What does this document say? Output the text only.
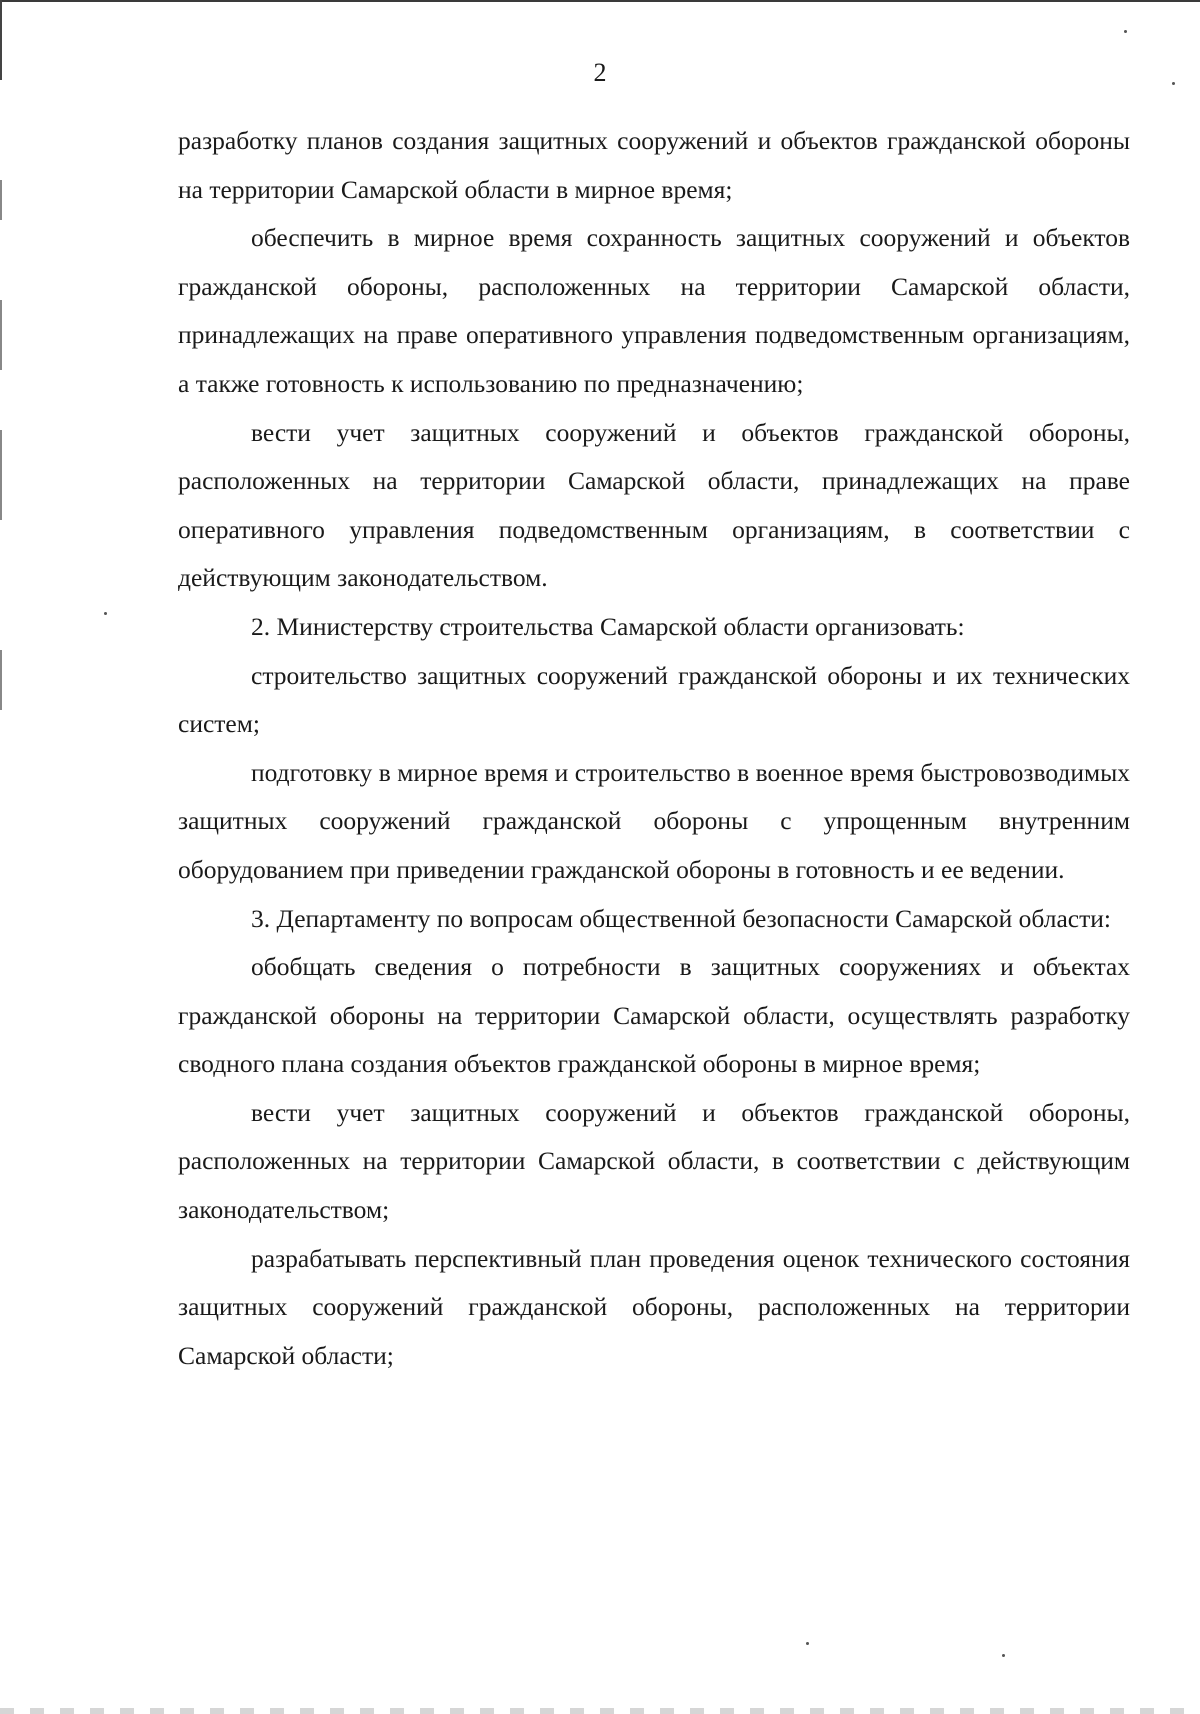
2

разработку планов создания защитных сооружений и объектов гражданской обороны на территории Самарской области в мирное время;

обеспечить в мирное время сохранность защитных сооружений и объектов гражданской обороны, расположенных на территории Самарской области, принадлежащих на праве оперативного управления подведомственным организациям, а также готовность к использованию по предназначению;

вести учет защитных сооружений и объектов гражданской обороны, расположенных на территории Самарской области, принадлежащих на праве оперативного управления подведомственным организациям, в соответствии с действующим законодательством.

2. Министерству строительства Самарской области организовать:

строительство защитных сооружений гражданской обороны и их технических систем;

подготовку в мирное время и строительство в военное время быстровозводимых защитных сооружений гражданской обороны с упрощенным внутренним оборудованием при приведении гражданской обороны в готовность и ее ведении.

3. Департаменту по вопросам общественной безопасности Самарской области:

обобщать сведения о потребности в защитных сооружениях и объектах гражданской обороны на территории Самарской области, осуществлять разработку сводного плана создания объектов гражданской обороны в мирное время;

вести учет защитных сооружений и объектов гражданской обороны, расположенных на территории Самарской области, в соответствии с действующим законодательством;

разрабатывать перспективный план проведения оценок технического состояния защитных сооружений гражданской обороны, расположенных на территории Самарской области;
